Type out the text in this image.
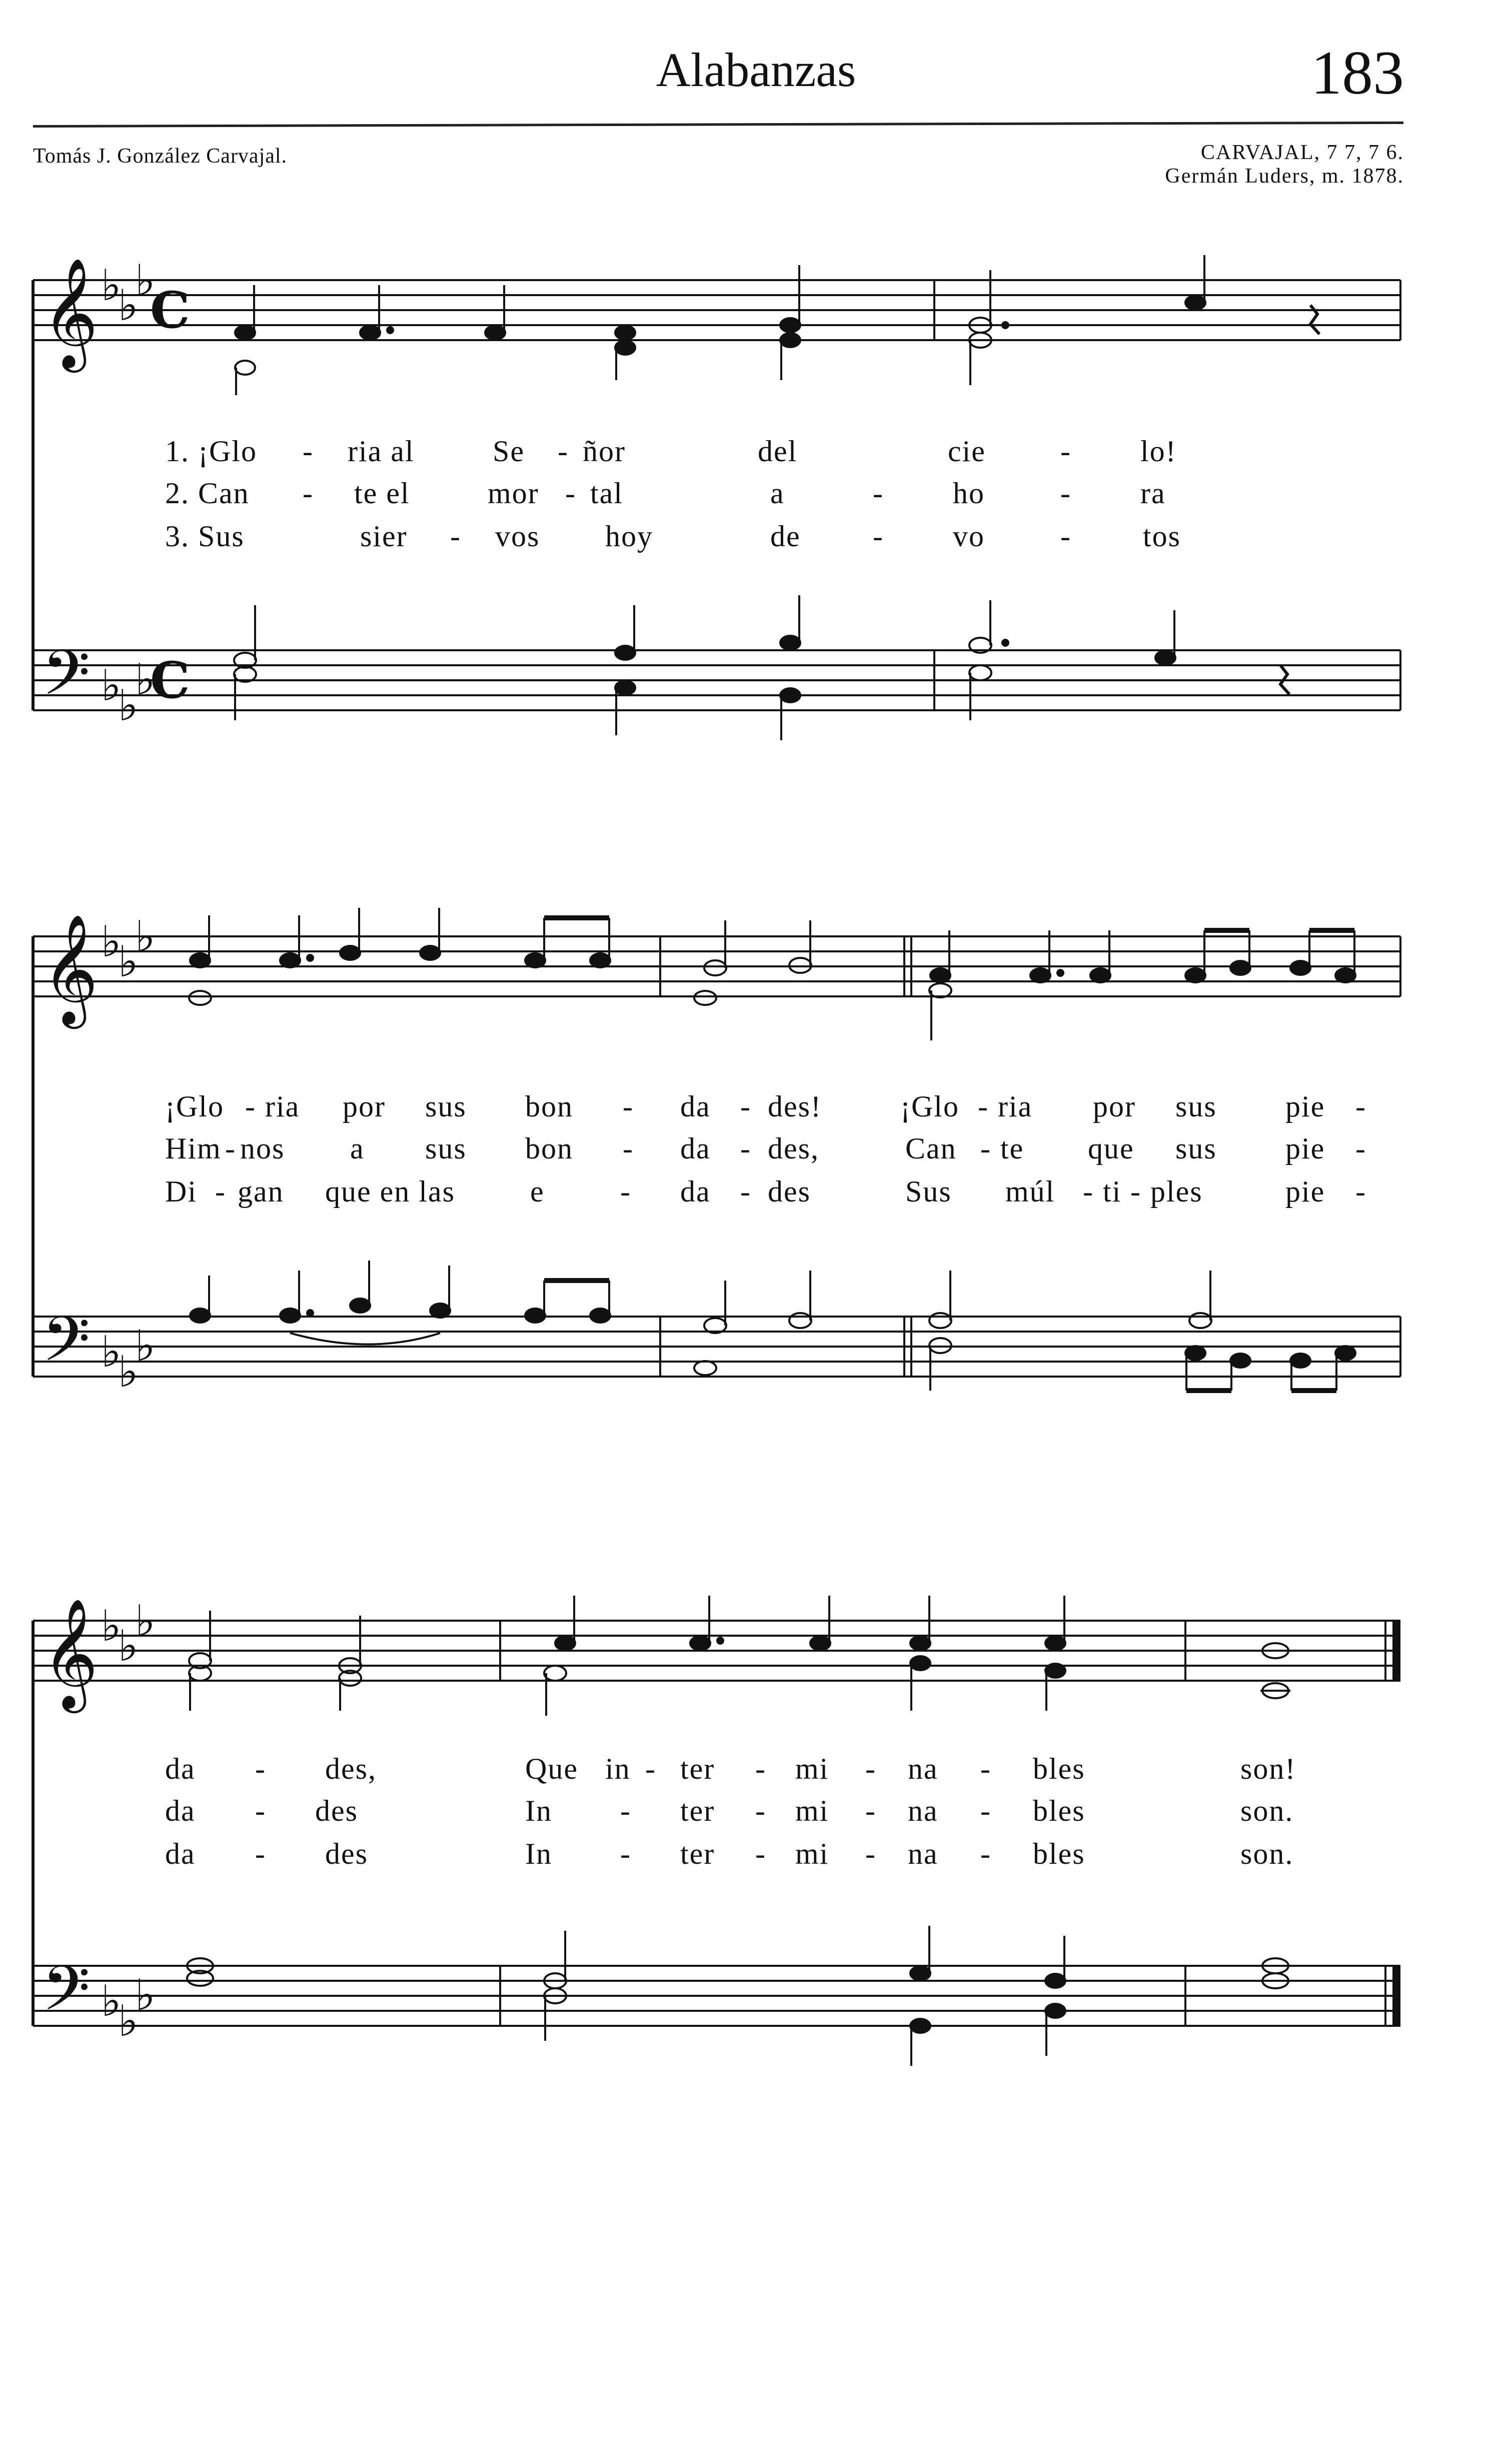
Alabanzas	183
Tomás J. González Carvajal.	CARVAJAL, 7 7, 7 6.
Germán Luders, m. 1878.
𝄞
𝄞
𝄞
𝄢
𝄢
𝄢
♭
♭
♭
♭
♭
♭
♭
♭
♭
♭
♭
♭
♭
♭
♭
♭
♭
♭
C
C
1. ¡Glo - ria al	Se - ñor	del	cie - lo!
2. Can - te el	mor - tal	a	- ho	- ra
3. Sus	sier - vos hoy	de - vo	- tos
¡Glo - ria por sus bon - da - des!	¡Glo - ria por sus pie -
Him - nos a sus bon - da - des,	Can - te que sus pie -
Di - gan que en las	e	- da - des	Sus múl - ti - ples	pie -
da - des,	Que in - ter - mi - na - bles	son!
da - des	In - ter - mi - na - bles	son.
da - des	In - ter - mi - na - bles	son.
